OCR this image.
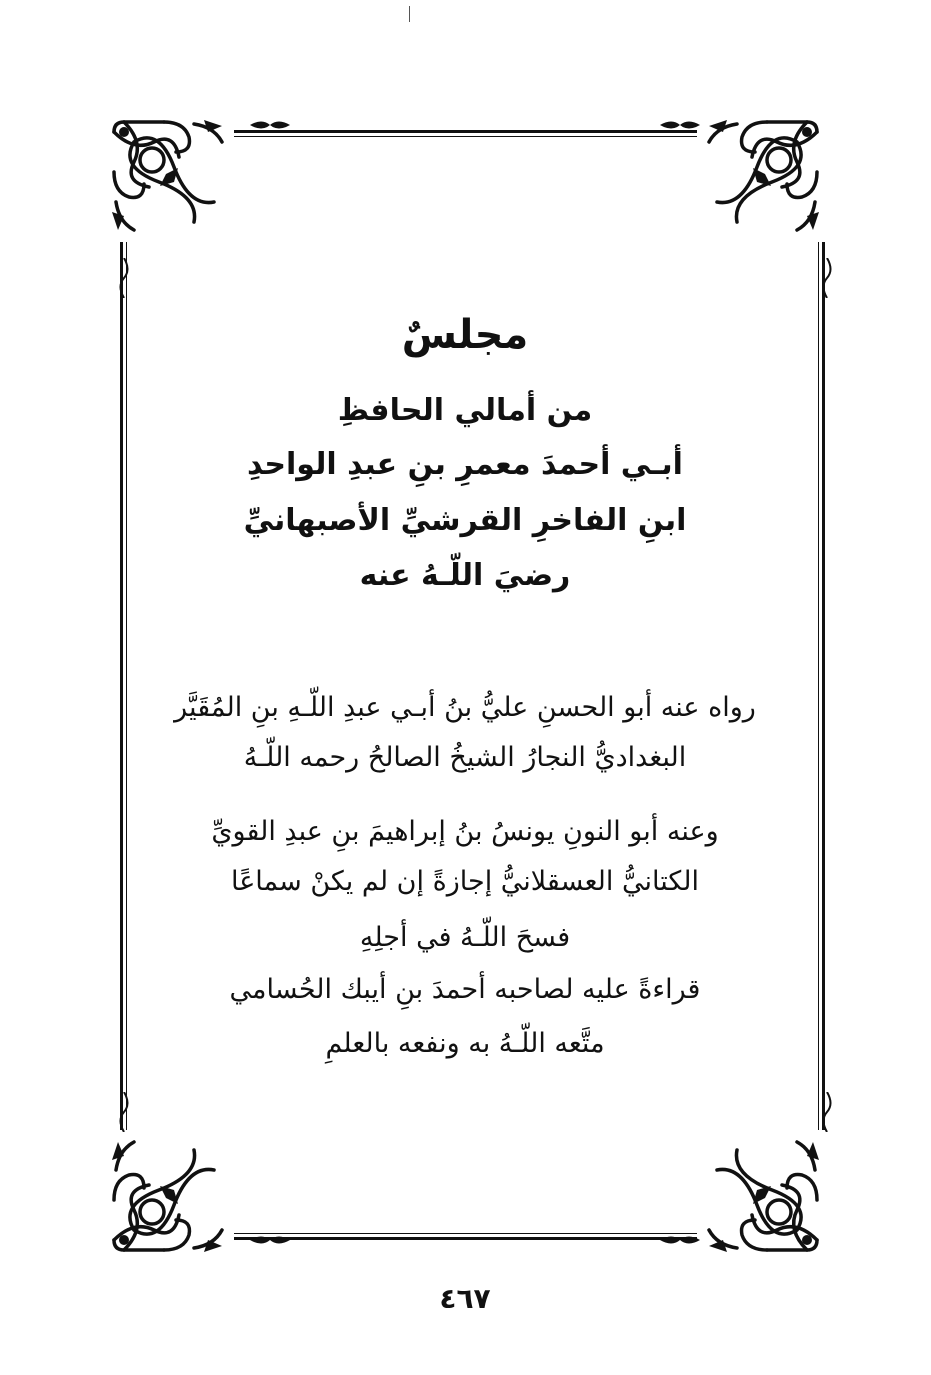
مجلسٌ
من أمالي الحافظِ
أبـي أحمدَ معمرِ بنِ عبدِ الواحدِ
ابنِ الفاخرِ القرشيِّ الأصبهانيِّ
رضيَ اللّـهُ عنه
رواه عنه أبو الحسنِ عليُّ بنُ أبـي عبدِ اللّـهِ بنِ المُقَيَّر
البغداديُّ النجارُ الشيخُ الصالحُ رحمه اللّـهُ
وعنه أبو النونِ يونسُ بنُ إبراهيمَ بنِ عبدِ القويِّ
الكتانيُّ العسقلانيُّ إجازةً إن لم يكنْ سماعًا
فسحَ اللّـهُ في أجلِهِ
قراءةً عليه لصاحبه أحمدَ بنِ أيبك الحُسامي
متَّعه اللّـهُ به ونفعه بالعلمِ
٤٦٧
